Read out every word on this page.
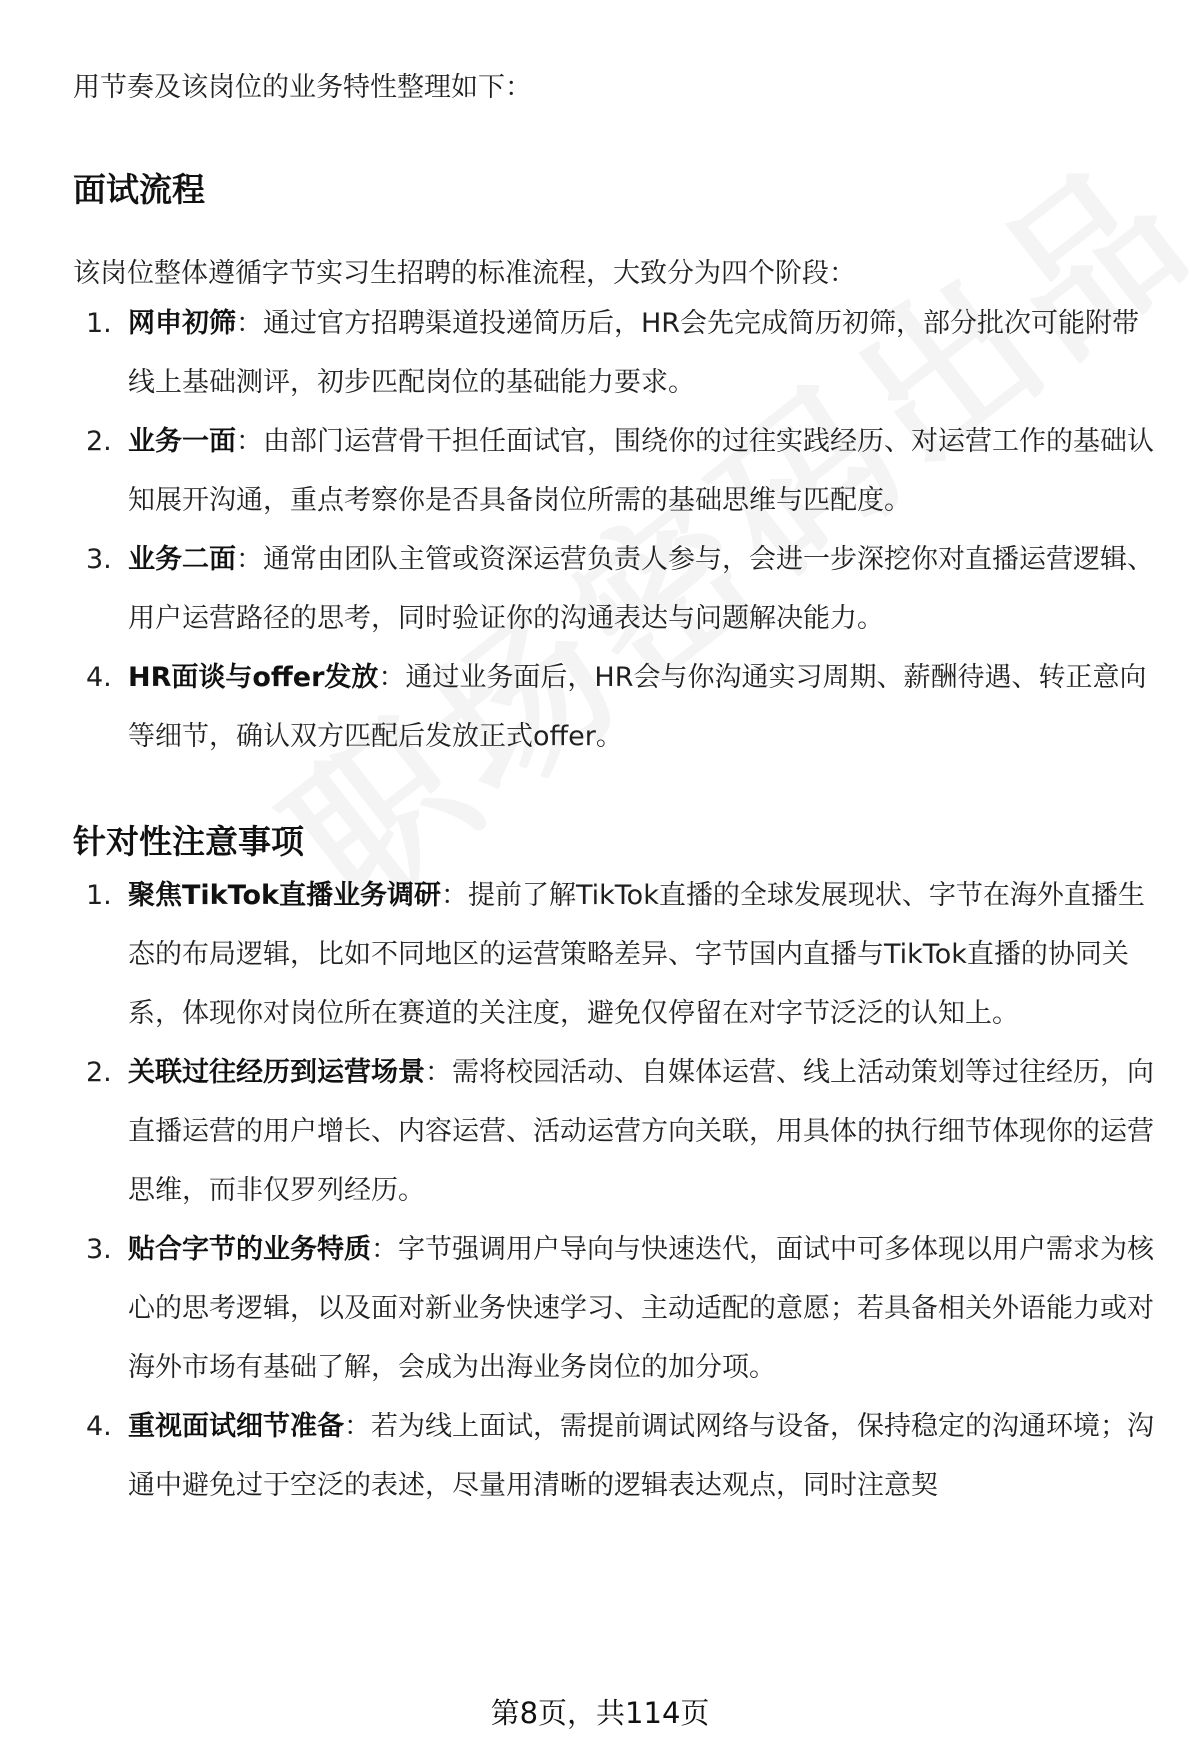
用节奏及该岗位的业务特性整理如下：

面试流程

该岗位整体遵循字节实习生招聘的标准流程，大致分为四个阶段：

1. 网申初筛：通过官方招聘渠道投递简历后，HR会先完成简历初筛，部分批次可能附带线上基础测评，初步匹配岗位的基础能力要求。
2. 业务一面：由部门运营骨干担任面试官，围绕你的过往实践经历、对运营工作的基础认知展开沟通，重点考察你是否具备岗位所需的基础思维与匹配度。
3. 业务二面：通常由团队主管或资深运营负责人参与，会进一步深挖你对直播运营逻辑、用户运营路径的思考，同时验证你的沟通表达与问题解决能力。
4. HR面谈与offer发放：通过业务面后，HR会与你沟通实习周期、薪酬待遇、转正意向等细节，确认双方匹配后发放正式offer。
针对性注意事项
1. 聚焦TikTok直播业务调研：提前了解TikTok直播的全球发展现状、字节在海外直播生态的布局逻辑，比如不同地区的运营策略差异、字节国内直播与TikTok直播的协同关系，体现你对岗位所在赛道的关注度，避免仅停留在对字节泛泛的认知上。
2. 关联过往经历到运营场景：需将校园活动、自媒体运营、线上活动策划等过往经历，向直播运营的用户增长、内容运营、活动运营方向关联，用具体的执行细节体现你的运营思维，而非仅罗列经历。
3. 贴合字节的业务特质：字节强调用户导向与快速迭代，面试中可多体现以用户需求为核心的思考逻辑，以及面对新业务快速学习、主动适配的意愿；若具备相关外语能力或对海外市场有基础了解，会成为出海业务岗位的加分项。
4. 重视面试细节准备：若为线上面试，需提前调试网络与设备，保持稳定的沟通环境；沟通中避免过于空泛的表述，尽量用清晰的逻辑表达观点，同时注意契
第8页，共114页
